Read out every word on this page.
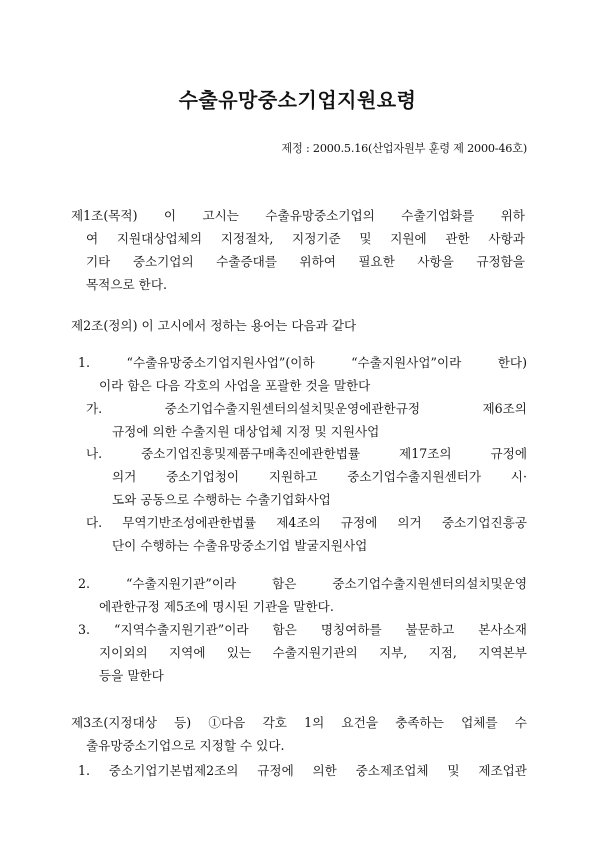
수출유망중소기업지원요령
제정 : 2000.5.16(산업자원부 훈령 제 2000-46호)
제1조(목적) 이 고시는 수출유망중소기업의 수출기업화를 위하
여 지원대상업체의 지정절차, 지정기준 및 지원에 관한 사항과
기타 중소기업의 수출증대를 위하여 필요한 사항을 규정함을
목적으로 한다.
제2조(정의) 이 고시에서 정하는 용어는 다음과 같다
1.	“수출유망중소기업지원사업”(이하	“수출지원사업”이라	한다)
이라 함은 다음 각호의 사업을 포괄한 것을 말한다
가.	중소기업수출지원센터의설치및운영에관한규정	제6조의
규정에 의한 수출지원 대상업체 지정 및 지원사업
나.	중소기업진흥및제품구매촉진에관한법률	제17조의	규정에
의거 중소기업청이 지원하고 중소기업수출지원센터가 시·
도와 공동으로 수행하는 수출기업화사업
다. 무역기반조성에관한법률 제4조의 규정에 의거 중소기업진흥공
단이 수행하는 수출유망중소기업 발굴지원사업
2.	“수출지원기관”이라	함은	중소기업수출지원센터의설치및운영
에관한규정 제5조에 명시된 기관을 말한다.
3. “지역수출지원기관”이라 함은 명칭여하를 불문하고 본사소재
지이외의 지역에 있는 수출지원기관의 지부, 지점, 지역본부
등을 말한다
제3조(지정대상 등) ①다음 각호 1의 요건을 충족하는 업체를 수
출유망중소기업으로 지정할 수 있다.
1. 중소기업기본법제2조의 규정에 의한 중소제조업체 및 제조업관
